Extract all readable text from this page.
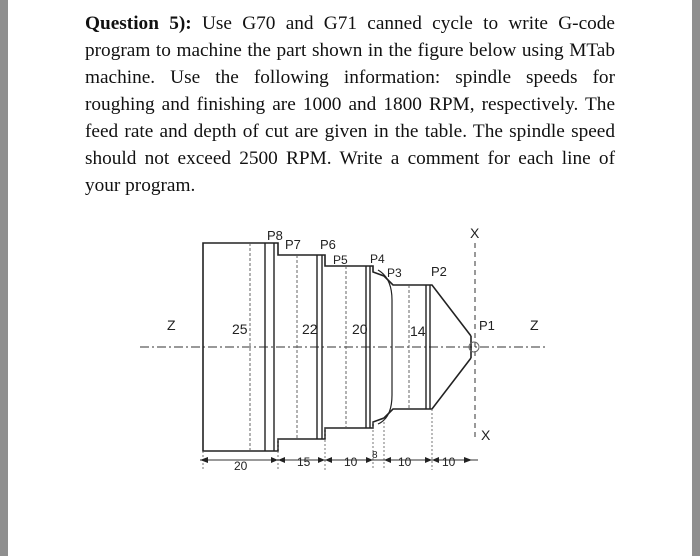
Question 5): Use G70 and G71 canned cycle to write G-code program to machine the part shown in the figure below using MTab machine. Use the following information: spindle speeds for roughing and finishing are 1000 and 1800 RPM, respectively. The feed rate and depth of cut are given in the table. The spindle speed should not exceed 2500 RPM. Write a comment for each line of your program.
P8
P7 P6
P5 P4
P3 P2
P1
25	22 20	14
Z	Z
X
X
20	15	10 8 10	10
